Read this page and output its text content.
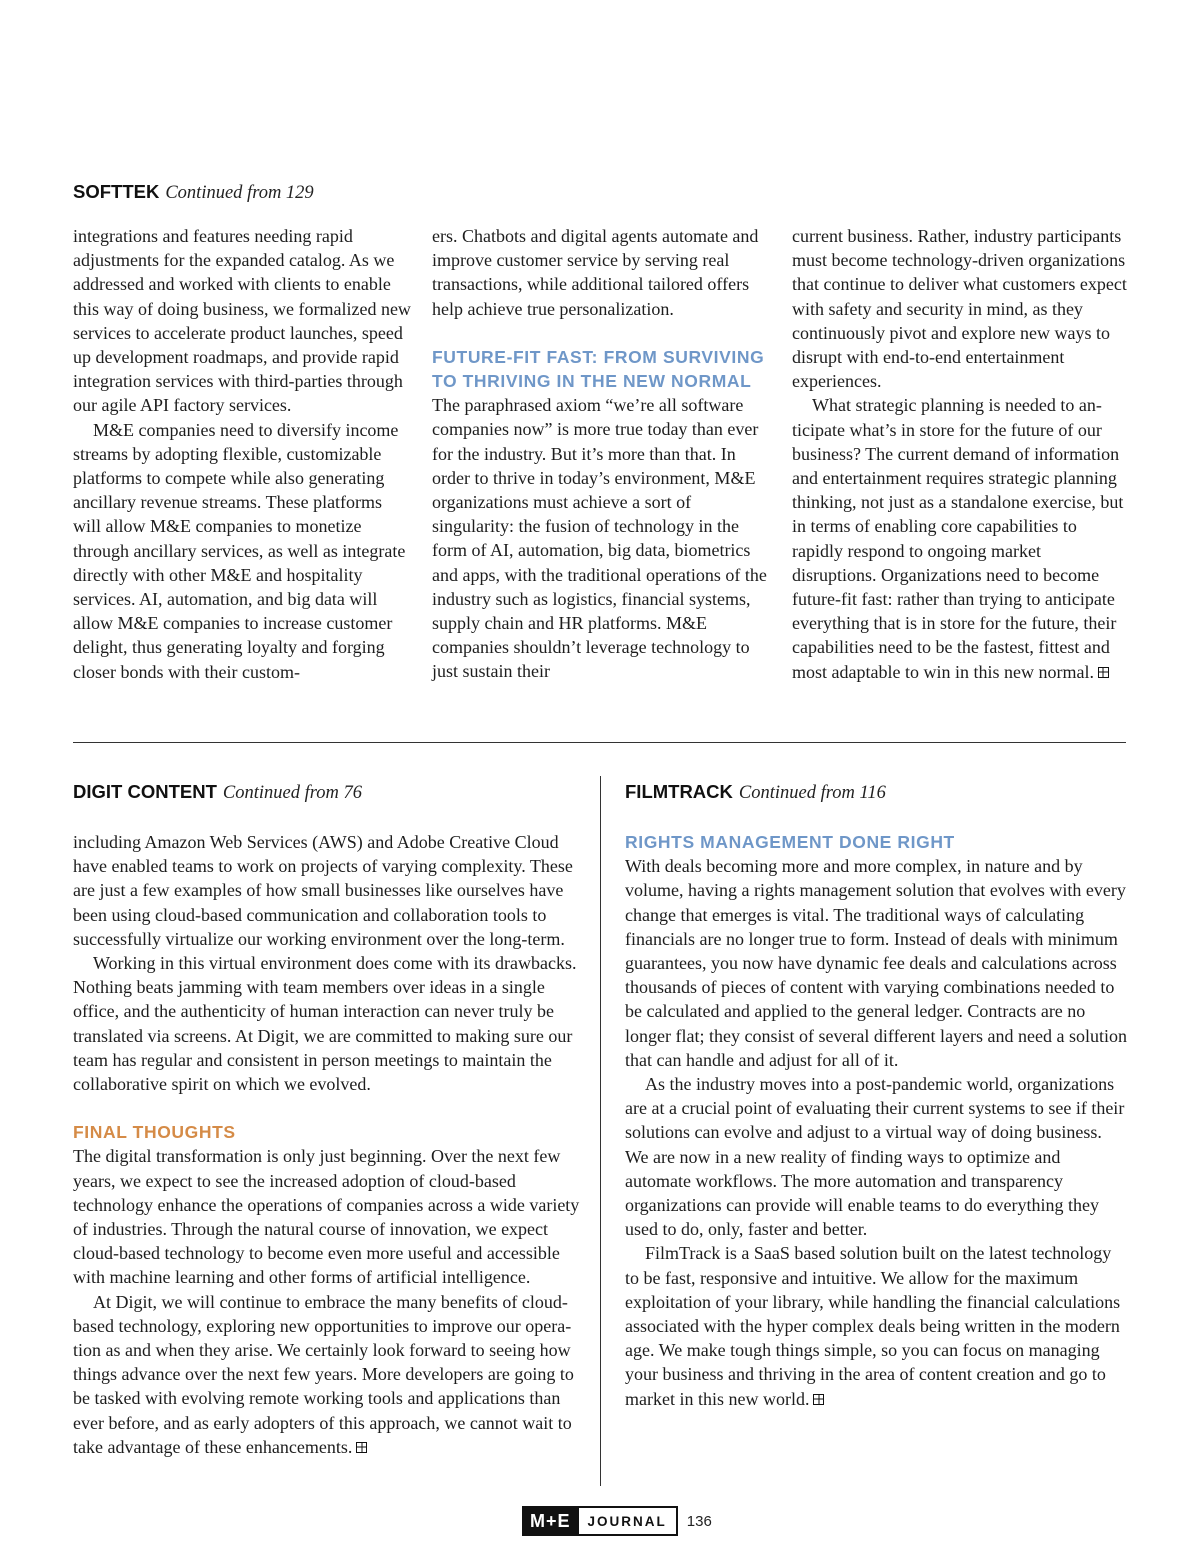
SOFTTEK Continued from 129

integrations and features needing rapid adjustments for the expanded catalog. As we addressed and worked with clients to enable this way of doing business, we formalized new services to accelerate product launches, speed up development roadmaps, and provide rapid integration services with third-parties through our agile API factory services.

M&E companies need to diversify income streams by adopting flexible, customizable platforms to compete while also generating ancillary revenue streams. These platforms will allow M&E companies to monetize through ancillary services, as well as integrate directly with other M&E and hospitality services. AI, automation, and big data will allow M&E companies to increase customer delight, thus generating loyalty and forging closer bonds with their custom-

ers. Chatbots and digital agents automate and improve customer service by serving real transactions, while additional tailored offers help achieve true personalization.

FUTURE-FIT FAST: FROM SURVIVING TO THRIVING IN THE NEW NORMAL

The paraphrased axiom “we’re all software companies now” is more true today than ever for the industry. But it’s more than that. In order to thrive in today’s environment, M&E organizations must achieve a sort of singularity: the fusion of technology in the form of AI, automation, big data, biometrics and apps, with the traditional operations of the industry such as logistics, financial systems, supply chain and HR platforms. M&E companies shouldn’t leverage technology to just sustain their

current business. Rather, industry participants must become technology-driven organizations that continue to deliver what customers expect with safety and security in mind, as they continuously pivot and explore new ways to disrupt with end-to-end entertainment experiences.

What strategic planning is needed to anticipate what’s in store for the future of our business? The current demand of information and entertainment requires strategic planning thinking, not just as a standalone exercise, but in terms of enabling core capabilities to rapidly respond to ongoing market disruptions. Organizations need to become future-fit fast: rather than trying to anticipate everything that is in store for the future, their capabilities need to be the fastest, fittest and most adaptable to win in this new normal.

DIGIT CONTENT Continued from 76

including Amazon Web Services (AWS) and Adobe Creative Cloud have enabled teams to work on projects of varying complexity. These are just a few examples of how small businesses like ourselves have been using cloud-based communication and collaboration tools to successfully virtualize our working environment over the long-term.

Working in this virtual environment does come with its drawbacks. Nothing beats jamming with team members over ideas in a single office, and the authenticity of human interaction can never truly be translated via screens. At Digit, we are committed to making sure our team has regular and consistent in person meetings to maintain the collaborative spirit on which we evolved.

FINAL THOUGHTS

The digital transformation is only just beginning. Over the next few years, we expect to see the increased adoption of cloud-based technology enhance the operations of companies across a wide variety of industries. Through the natural course of innovation, we expect cloud-based technology to become even more useful and accessible with machine learning and other forms of artificial intelligence.

At Digit, we will continue to embrace the many benefits of cloud-based technology, exploring new opportunities to improve our operation as and when they arise. We certainly look forward to seeing how things advance over the next few years. More developers are going to be tasked with evolving remote working tools and applications than ever before, and as early adopters of this approach, we cannot wait to take advantage of these enhancements.

FILMTRACK Continued from 116
RIGHTS MANAGEMENT DONE RIGHT

With deals becoming more and more complex, in nature and by volume, having a rights management solution that evolves with every change that emerges is vital. The traditional ways of calculating financials are no longer true to form. Instead of deals with minimum guarantees, you now have dynamic fee deals and calculations across thousands of pieces of content with varying combinations needed to be calculated and applied to the general ledger. Contracts are no longer flat; they consist of several different layers and need a solution that can handle and adjust for all of it.

As the industry moves into a post-pandemic world, organizations are at a crucial point of evaluating their current systems to see if their solutions can evolve and adjust to a virtual way of doing business. We are now in a new reality of finding ways to optimize and automate workflows. The more automation and transparency organizations can provide will enable teams to do everything they used to do, only, faster and better.

FilmTrack is a SaaS based solution built on the latest technology to be fast, responsive and intuitive. We allow for the maximum exploitation of your library, while handling the financial calculations associated with the hyper complex deals being written in the modern age. We make tough things simple, so you can focus on managing your business and thriving in the area of content creation and go to market in this new world.

M+E	JOURNAL	136
